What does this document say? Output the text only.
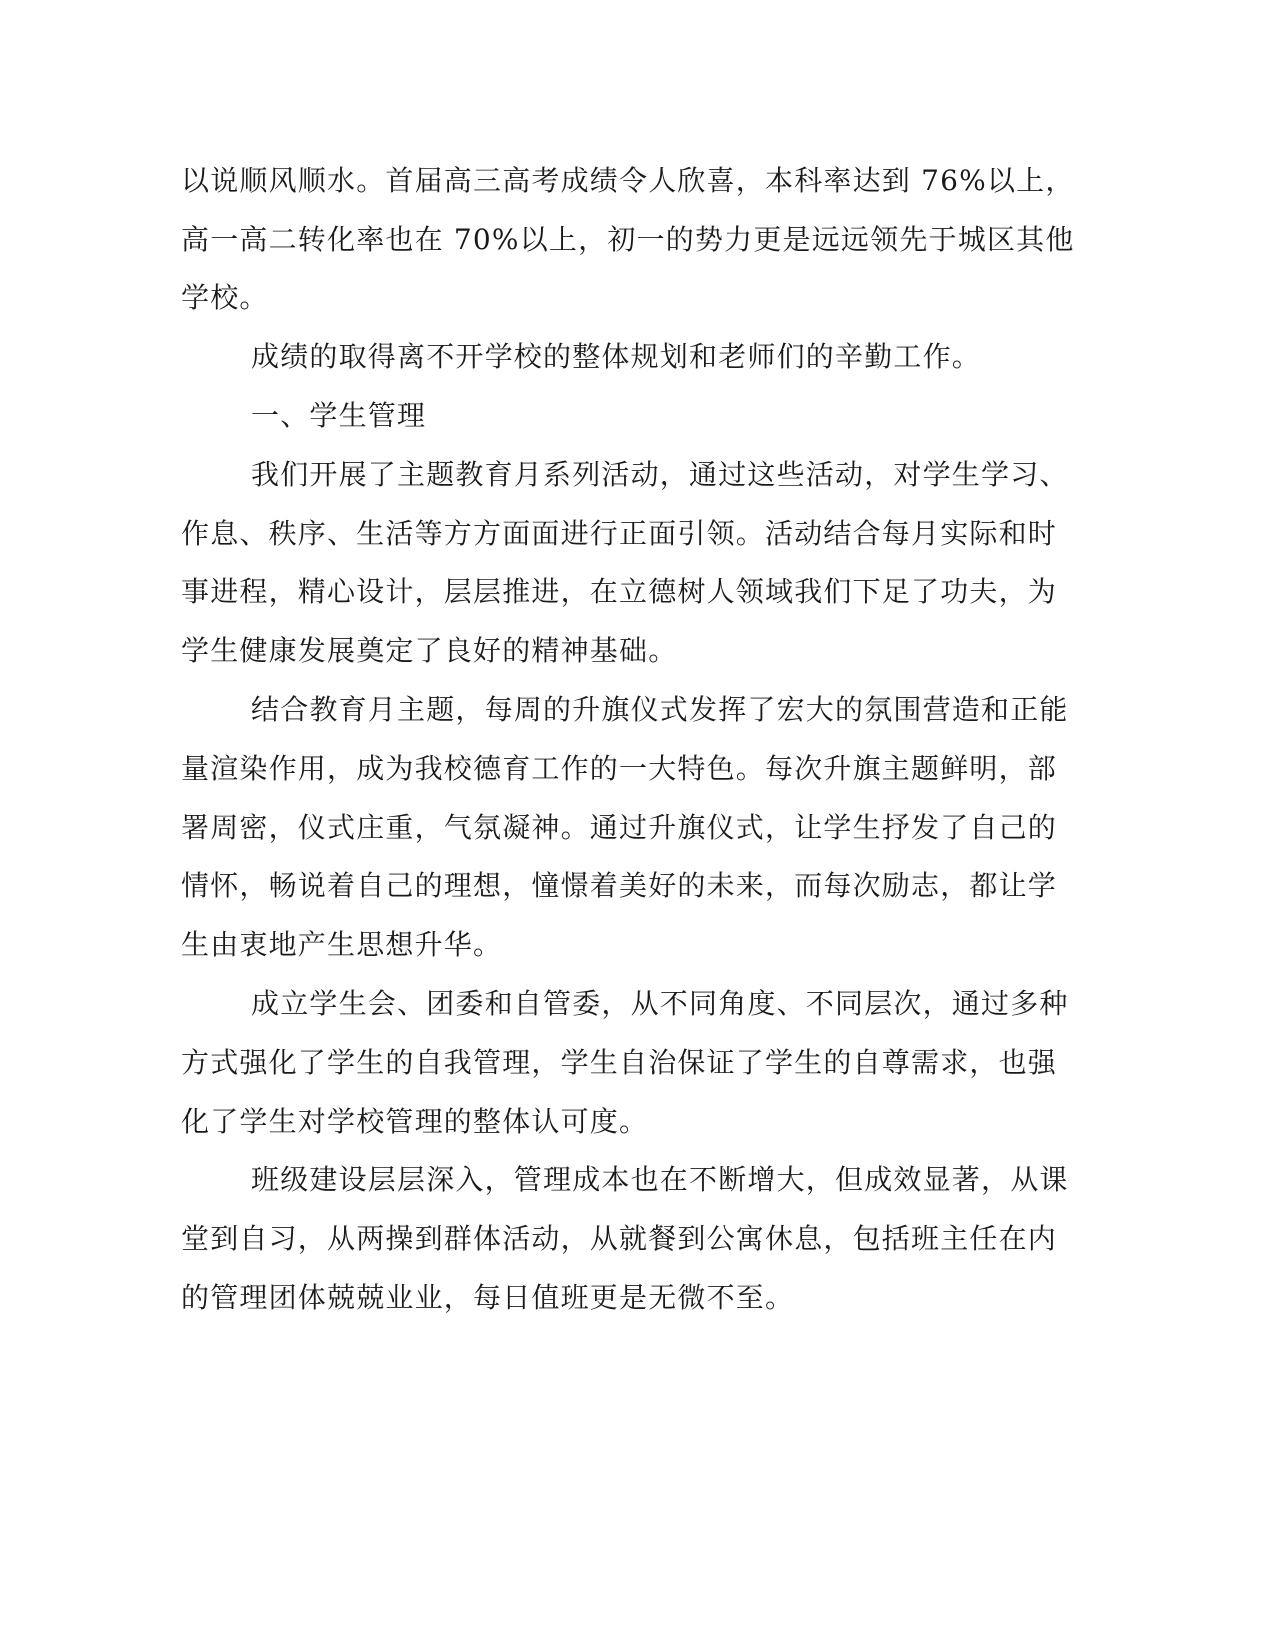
以说顺风顺水。首届高三高考成绩令人欣喜，本科率达到 76%以上，
高一高二转化率也在 70%以上，初一的势力更是远远领先于城区其他
学校。
成绩的取得离不开学校的整体规划和老师们的辛勤工作。
一、学生管理
我们开展了主题教育月系列活动，通过这些活动，对学生学习、
作息、秩序、生活等方方面面进行正面引领。活动结合每月实际和时
事进程，精心设计，层层推进，在立德树人领域我们下足了功夫，为
学生健康发展奠定了良好的精神基础。
结合教育月主题，每周的升旗仪式发挥了宏大的氛围营造和正能
量渲染作用，成为我校德育工作的一大特色。每次升旗主题鲜明，部
署周密，仪式庄重，气氛凝神。通过升旗仪式，让学生抒发了自己的
情怀，畅说着自己的理想，憧憬着美好的未来，而每次励志，都让学
生由衷地产生思想升华。
成立学生会、团委和自管委，从不同角度、不同层次，通过多种
方式强化了学生的自我管理，学生自治保证了学生的自尊需求，也强
化了学生对学校管理的整体认可度。
班级建设层层深入，管理成本也在不断增大，但成效显著，从课
堂到自习，从两操到群体活动，从就餐到公寓休息，包括班主任在内
的管理团体兢兢业业，每日值班更是无微不至。
